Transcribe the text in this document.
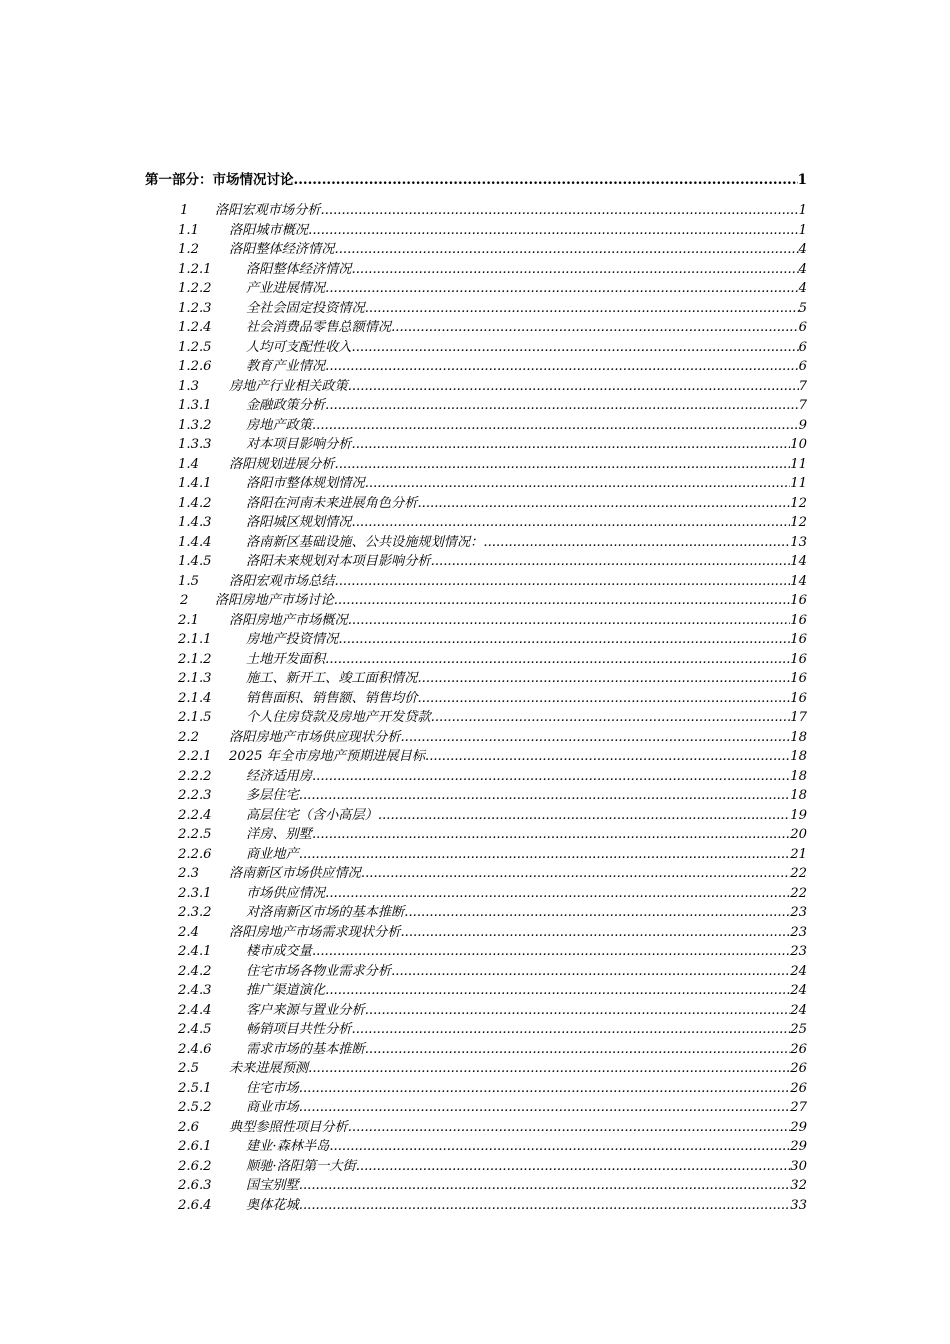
第一部分：市场情况讨论 .....	1
1	洛阳宏观市场分析 .....	1
1.1	洛阳城市概况 .....	1
1.2	洛阳整体经济情况 .....	4
1.2.1	洛阳整体经济情况 .....	4
1.2.2	产业进展情况 .....	4
1.2.3	全社会固定投资情况 .....	5
1.2.4	社会消费品零售总额情况 .....	6
1.2.5	人均可支配性收入 .....	6
1.2.6	教育产业情况 .....	6
1.3	房地产行业相关政策 .....	7
1.3.1	金融政策分析 .....	7
1.3.2	房地产政策 .....	9
1.3.3	对本项目影响分析 .....	10
1.4	洛阳规划进展分析 .....	11
1.4.1	洛阳市整体规划情况 .....	11
1.4.2	洛阳在河南未来进展角色分析 .....	12
1.4.3	洛阳城区规划情况 .....	12
1.4.4	洛南新区基础设施、公共设施规划情况： .....	13
1.4.5	洛阳未来规划对本项目影响分析 .....	14
1.5	洛阳宏观市场总结 .....	14
2	洛阳房地产市场讨论 .....	16
2.1	洛阳房地产市场概况 .....	16
2.1.1	房地产投资情况 .....	16
2.1.2	土地开发面积 .....	16
2.1.3	施工、新开工、竣工面积情况 .....	16
2.1.4	销售面积、销售额、销售均价 .....	16
2.1.5	个人住房贷款及房地产开发贷款 .....	17
2.2	洛阳房地产市场供应现状分析 .....	18
2.2.1	2025 年全市房地产预期进展目标 .....	18
2.2.2	经济适用房 .....	18
2.2.3	多层住宅 .....	18
2.2.4	高层住宅（含小高层） .....	19
2.2.5	洋房、别墅 .....	20
2.2.6	商业地产 .....	21
2.3	洛南新区市场供应情况 .....	22
2.3.1	市场供应情况 .....	22
2.3.2	对洛南新区市场的基本推断 .....	23
2.4	洛阳房地产市场需求现状分析 .....	23
2.4.1	楼市成交量 .....	23
2.4.2	住宅市场各物业需求分析 .....	24
2.4.3	推广渠道演化 .....	24
2.4.4	客户来源与置业分析 .....	24
2.4.5	畅销项目共性分析 .....	25
2.4.6	需求市场的基本推断 .....	26
2.5	未来进展预测 .....	26
2.5.1	住宅市场 .....	26
2.5.2	商业市场 .....	27
2.6	典型参照性项目分析 .....	29
2.6.1	建业·森林半岛 .....	29
2.6.2	顺驰·洛阳第一大街 .....	30
2.6.3	国宝别墅 .....	32
2.6.4	奥体花城 .....	33
